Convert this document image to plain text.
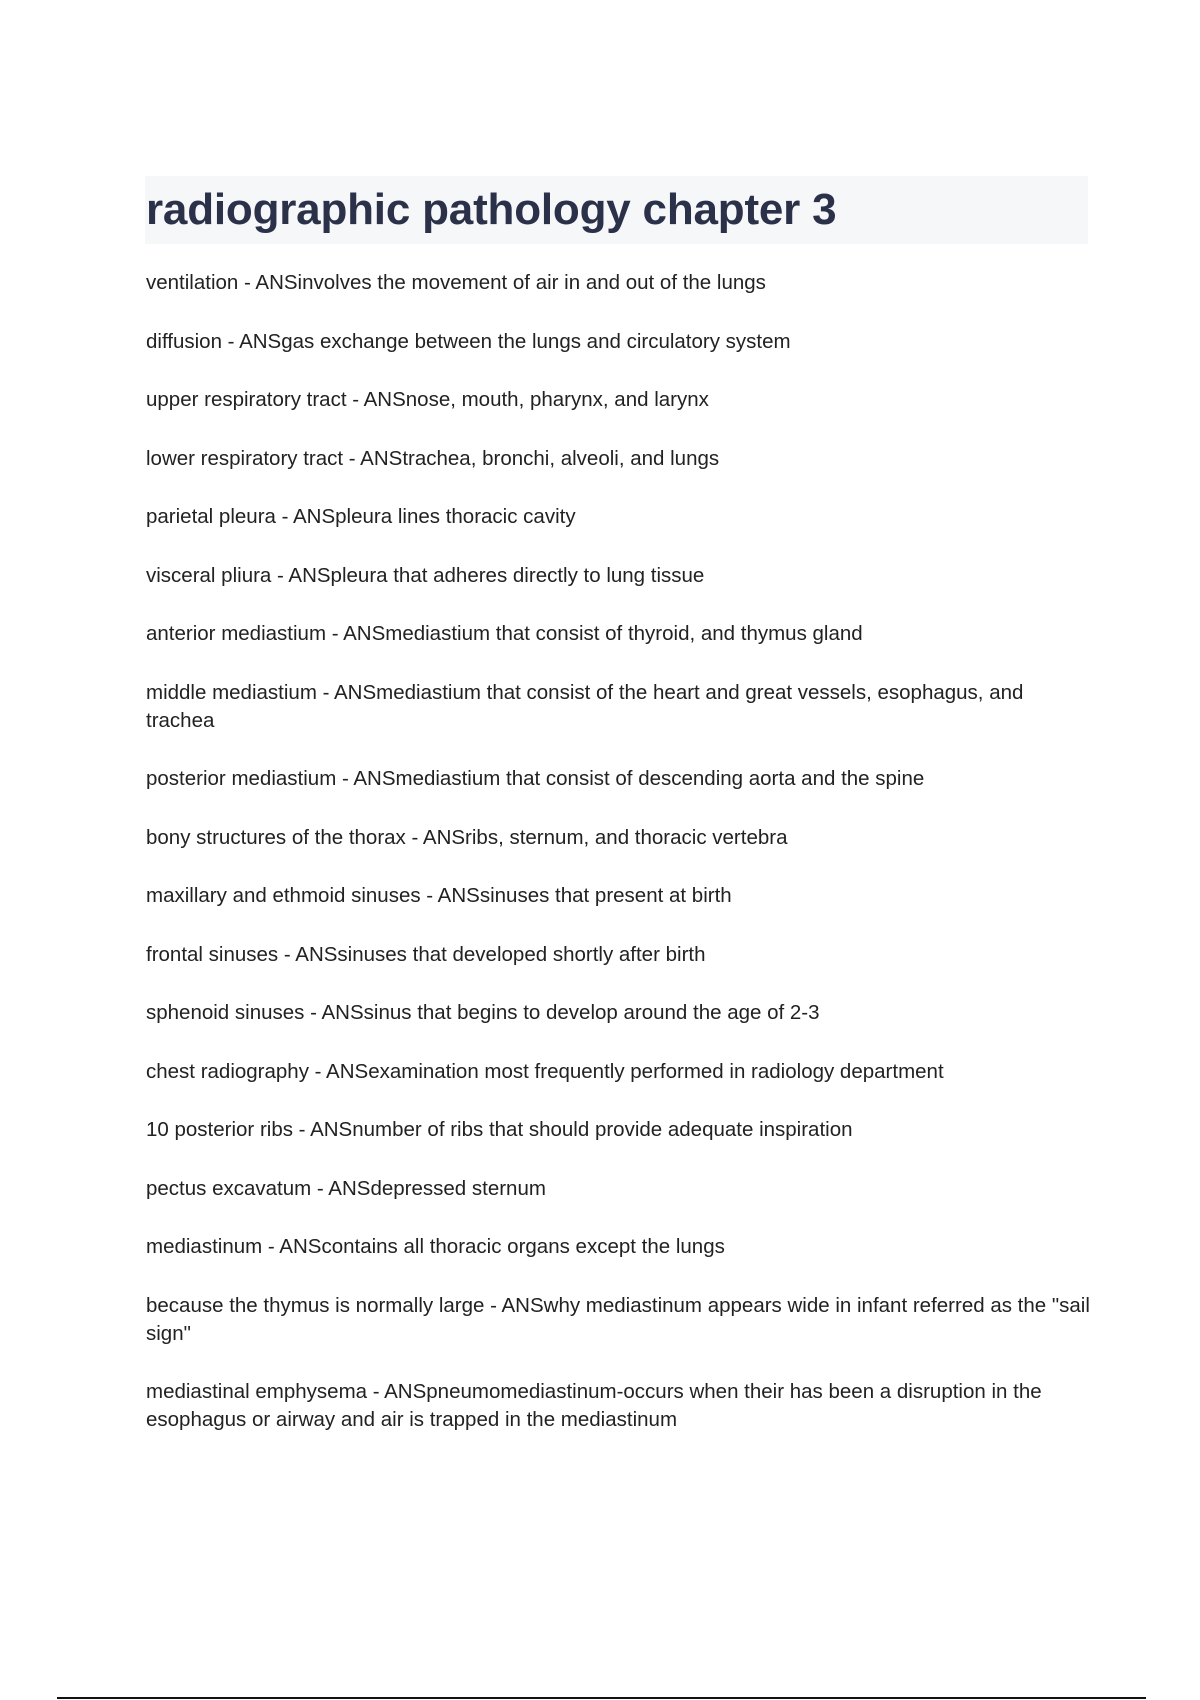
radiographic pathology chapter 3
ventilation - ANSinvolves the movement of air in and out of the lungs
diffusion - ANSgas exchange between the lungs and circulatory system
upper respiratory tract - ANSnose, mouth, pharynx, and larynx
lower respiratory tract - ANStrachea, bronchi, alveoli, and lungs
parietal pleura - ANSpleura lines thoracic cavity
visceral pliura - ANSpleura that adheres directly to lung tissue
anterior mediastium - ANSmediastium that consist of thyroid, and thymus gland
middle mediastium - ANSmediastium that consist of the heart and great vessels, esophagus, and trachea
posterior mediastium - ANSmediastium that consist of descending aorta and the spine
bony structures of the thorax - ANSribs, sternum, and thoracic vertebra
maxillary and ethmoid sinuses - ANSsinuses that present at birth
frontal sinuses - ANSsinuses that developed shortly after birth
sphenoid sinuses - ANSsinus that begins to develop around the age of 2-3
chest radiography - ANSexamination most frequently performed in radiology department
10 posterior ribs - ANSnumber of ribs that should provide adequate inspiration
pectus excavatum - ANSdepressed sternum
mediastinum - ANScontains all thoracic organs except the lungs
because the thymus is normally large - ANSwhy mediastinum appears wide in infant referred as the "sail sign"
mediastinal emphysema - ANSpneumomediastinum-occurs when their has been a disruption in the esophagus or airway and air is trapped in the mediastinum
